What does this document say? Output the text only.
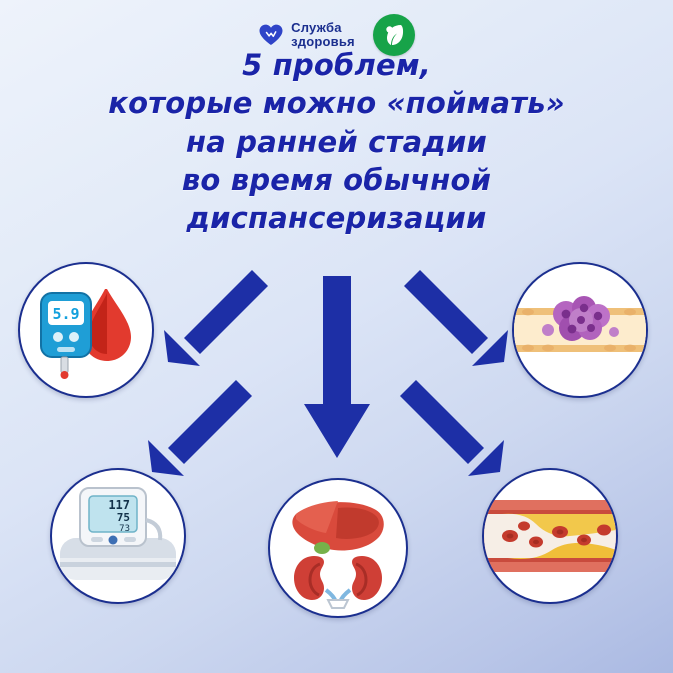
Служба
здоровья
5 проблем,
которые можно «поймать»
на ранней стадии
во время обычной
диспансеризации
5.9
117
75
73
